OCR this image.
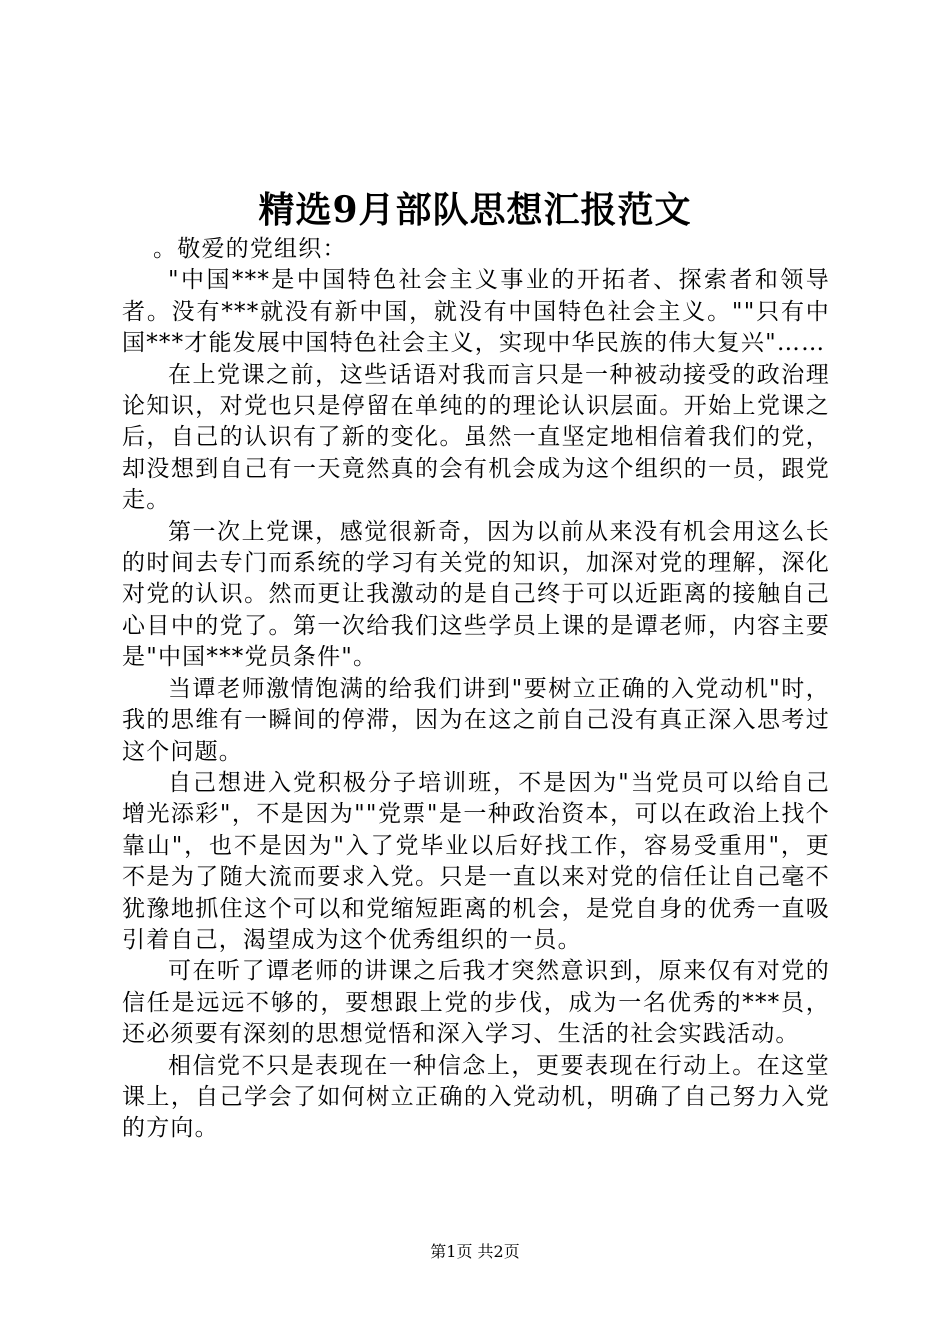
精选9月部队思想汇报范文

。敬爱的党组织：

"中国***是中国特色社会主义事业的开拓者、探索者和领导者。没有***就没有新中国，就没有中国特色社会主义。""只有中国***才能发展中国特色社会主义，实现中华民族的伟大复兴"……

在上党课之前，这些话语对我而言只是一种被动接受的政治理论知识，对党也只是停留在单纯的的理论认识层面。开始上党课之后，自己的认识有了新的变化。虽然一直坚定地相信着我们的党，却没想到自己有一天竟然真的会有机会成为这个组织的一员，跟党走。

第一次上党课，感觉很新奇，因为以前从来没有机会用这么长的时间去专门而系统的学习有关党的知识，加深对党的理解，深化对党的认识。然而更让我激动的是自己终于可以近距离的接触自己心目中的党了。第一次给我们这些学员上课的是谭老师，内容主要是"中国***党员条件"。

当谭老师激情饱满的给我们讲到"要树立正确的入党动机"时，我的思维有一瞬间的停滞，因为在这之前自己没有真正深入思考过这个问题。

自己想进入党积极分子培训班，不是因为"当党员可以给自己增光添彩"，不是因为""党票"是一种政治资本，可以在政治上找个靠山"，也不是因为"入了党毕业以后好找工作，容易受重用"，更不是为了随大流而要求入党。只是一直以来对党的信任让自己毫不犹豫地抓住这个可以和党缩短距离的机会，是党自身的优秀一直吸引着自己，渴望成为这个优秀组织的一员。

可在听了谭老师的讲课之后我才突然意识到，原来仅有对党的信任是远远不够的，要想跟上党的步伐，成为一名优秀的***员，还必须要有深刻的思想觉悟和深入学习、生活的社会实践活动。

相信党不只是表现在一种信念上，更要表现在行动上。在这堂课上，自己学会了如何树立正确的入党动机，明确了自己努力入党的方向。

第1页 共2页
